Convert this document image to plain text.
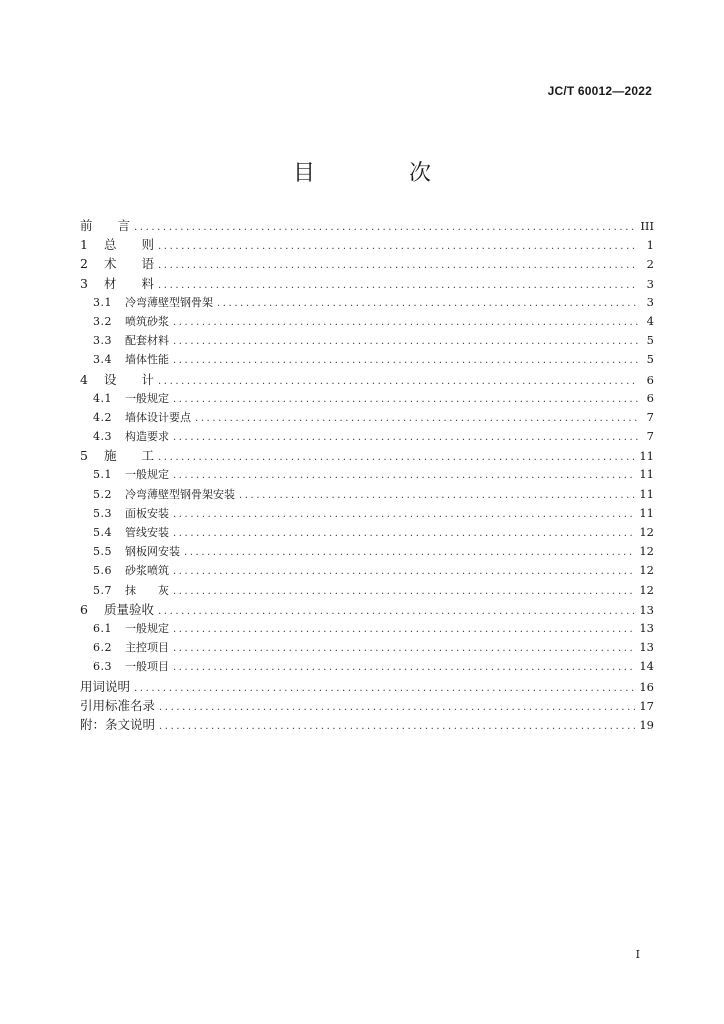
JC/T 60012—2022
目　次
前　　言 .....	III
1	总　　则 .....	1
2	术　　语 .....	2
3	材　　料 .....	3
3.1	冷弯薄壁型钢骨架 .....	3
3.2	喷筑砂浆 .....	4
3.3	配套材料 .....	5
3.4	墙体性能 .....	5
4	设　　计 .....	6
4.1	一般规定 .....	6
4.2	墙体设计要点 .....	7
4.3	构造要求 .....	7
5	施　　工 .....	11
5.1	一般规定 .....	11
5.2	冷弯薄壁型钢骨架安装 .....	11
5.3	面板安装 .....	11
5.4	管线安装 .....	12
5.5	钢板网安装 .....	12
5.6	砂浆喷筑 .....	12
5.7	抹　　灰 .....	12
6	质量验收 .....	13
6.1	一般规定 .....	13
6.2	主控项目 .....	13
6.3	一般项目 .....	14
用词说明 .....	16
引用标准名录 .....	17
附：条文说明 .....	19
I
